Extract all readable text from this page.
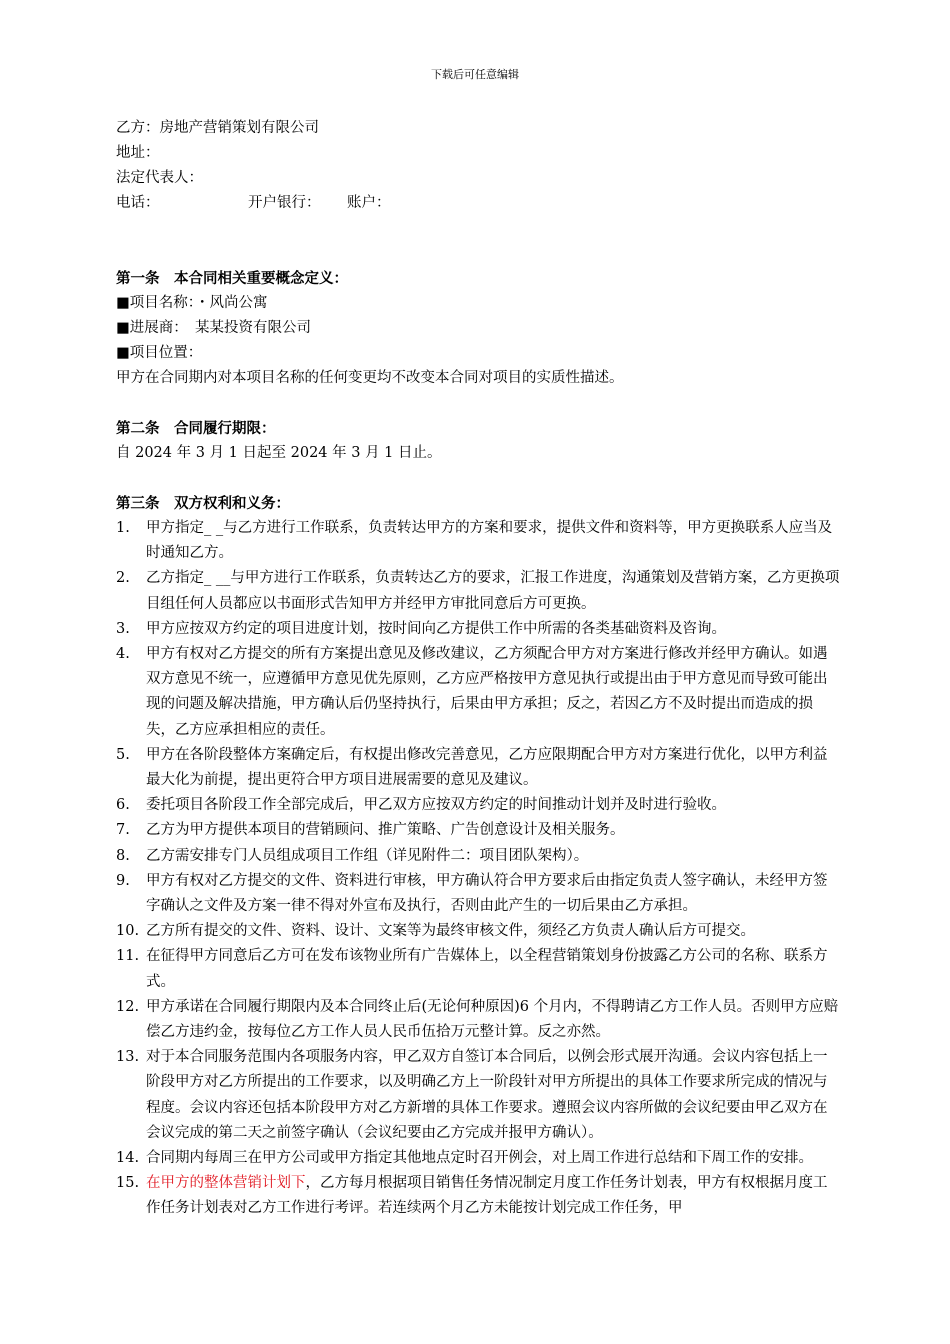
下载后可任意编辑
乙方：房地产营销策划有限公司
地址：
法定代表人：
电话：	开户银行： 账户：
第一条　本合同相关重要概念定义：
■项目名称：・风尚公寓
■进展商：　某某投资有限公司
■项目位置：
甲方在合同期内对本项目名称的任何变更均不改变本合同对项目的实质性描述。
第二条　合同履行期限：
自 2024 年 3 月 1 日起至 2024 年 3 月 1 日止。
第三条　双方权利和义务：
1.	甲方指定_ _与乙方进行工作联系，负责转达甲方的方案和要求，提供文件和资料等，甲方更换联系人应当及时通知乙方。
2.	乙方指定_ __与甲方进行工作联系，负责转达乙方的要求，汇报工作进度，沟通策划及营销方案，乙方更换项目组任何人员都应以书面形式告知甲方并经甲方审批同意后方可更换。
3.	甲方应按双方约定的项目进度计划，按时间向乙方提供工作中所需的各类基础资料及咨询。
4.	甲方有权对乙方提交的所有方案提出意见及修改建议，乙方须配合甲方对方案进行修改并经甲方确认。如遇双方意见不统一，应遵循甲方意见优先原则，乙方应严格按甲方意见执行或提出由于甲方意见而导致可能出现的问题及解决措施，甲方确认后仍坚持执行，后果由甲方承担；反之，若因乙方不及时提出而造成的损失，乙方应承担相应的责任。
5.	甲方在各阶段整体方案确定后，有权提出修改完善意见，乙方应限期配合甲方对方案进行优化，以甲方利益最大化为前提，提出更符合甲方项目进展需要的意见及建议。
6.	委托项目各阶段工作全部完成后，甲乙双方应按双方约定的时间推动计划并及时进行验收。
7.	乙方为甲方提供本项目的营销顾问、推广策略、广告创意设计及相关服务。
8.	乙方需安排专门人员组成项目工作组（详见附件二：项目团队架构）。
9.	甲方有权对乙方提交的文件、资料进行审核，甲方确认符合甲方要求后由指定负责人签字确认，未经甲方签字确认之文件及方案一律不得对外宣布及执行，否则由此产生的一切后果由乙方承担。
10. 乙方所有提交的文件、资料、设计、文案等为最终审核文件，须经乙方负责人确认后方可提交。
11. 在征得甲方同意后乙方可在发布该物业所有广告媒体上，以全程营销策划身份披露乙方公司的名称、联系方式。
12. 甲方承诺在合同履行期限内及本合同终止后(无论何种原因)6 个月内，不得聘请乙方工作人员。否则甲方应赔偿乙方违约金，按每位乙方工作人员人民币伍拾万元整计算。反之亦然。
13. 对于本合同服务范围内各项服务内容，甲乙双方自签订本合同后，以例会形式展开沟通。会议内容包括上一阶段甲方对乙方所提出的工作要求，以及明确乙方上一阶段针对甲方所提出的具体工作要求所完成的情况与程度。会议内容还包括本阶段甲方对乙方新增的具体工作要求。遵照会议内容所做的会议纪要由甲乙双方在会议完成的第二天之前签字确认（会议纪要由乙方完成并报甲方确认）。
14. 合同期内每周三在甲方公司或甲方指定其他地点定时召开例会，对上周工作进行总结和下周工作的安排。
15. 在甲方的整体营销计划下，乙方每月根据项目销售任务情况制定月度工作任务计划表，甲方有权根据月度工作任务计划表对乙方工作进行考评。若连续两个月乙方未能按计划完成工作任务，甲
